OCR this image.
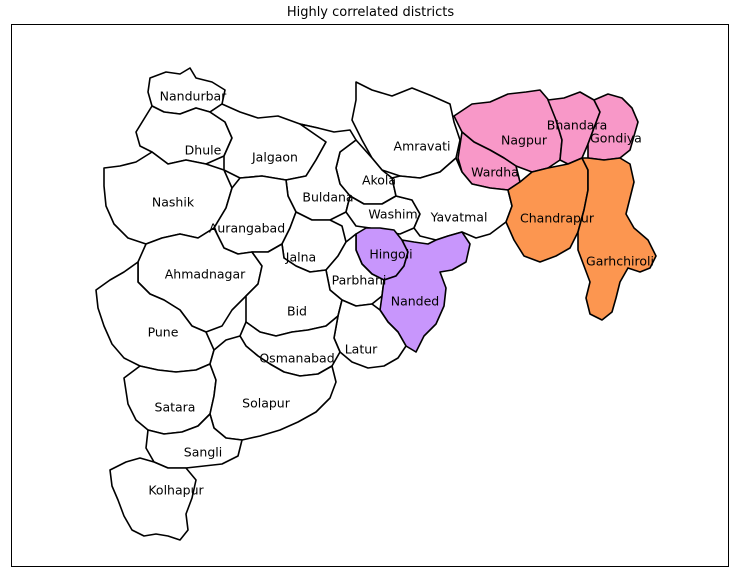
Highly correlated districts
Nandurbar
Dhule Jalgaon
Amravati	Nagpur
Bhandara
Gondiya
Wardha
Akola
Buldana
Nashik
Washim Yavatmal	Chandrapur
Aurangabad
Hingoli
Jalna	Garhchiroli
Ahmadnagar	Parbhani
Nanded
Bid
Pune
Latur
Osmanabad
Satara	Solapur
Sangli
Kolhapur
